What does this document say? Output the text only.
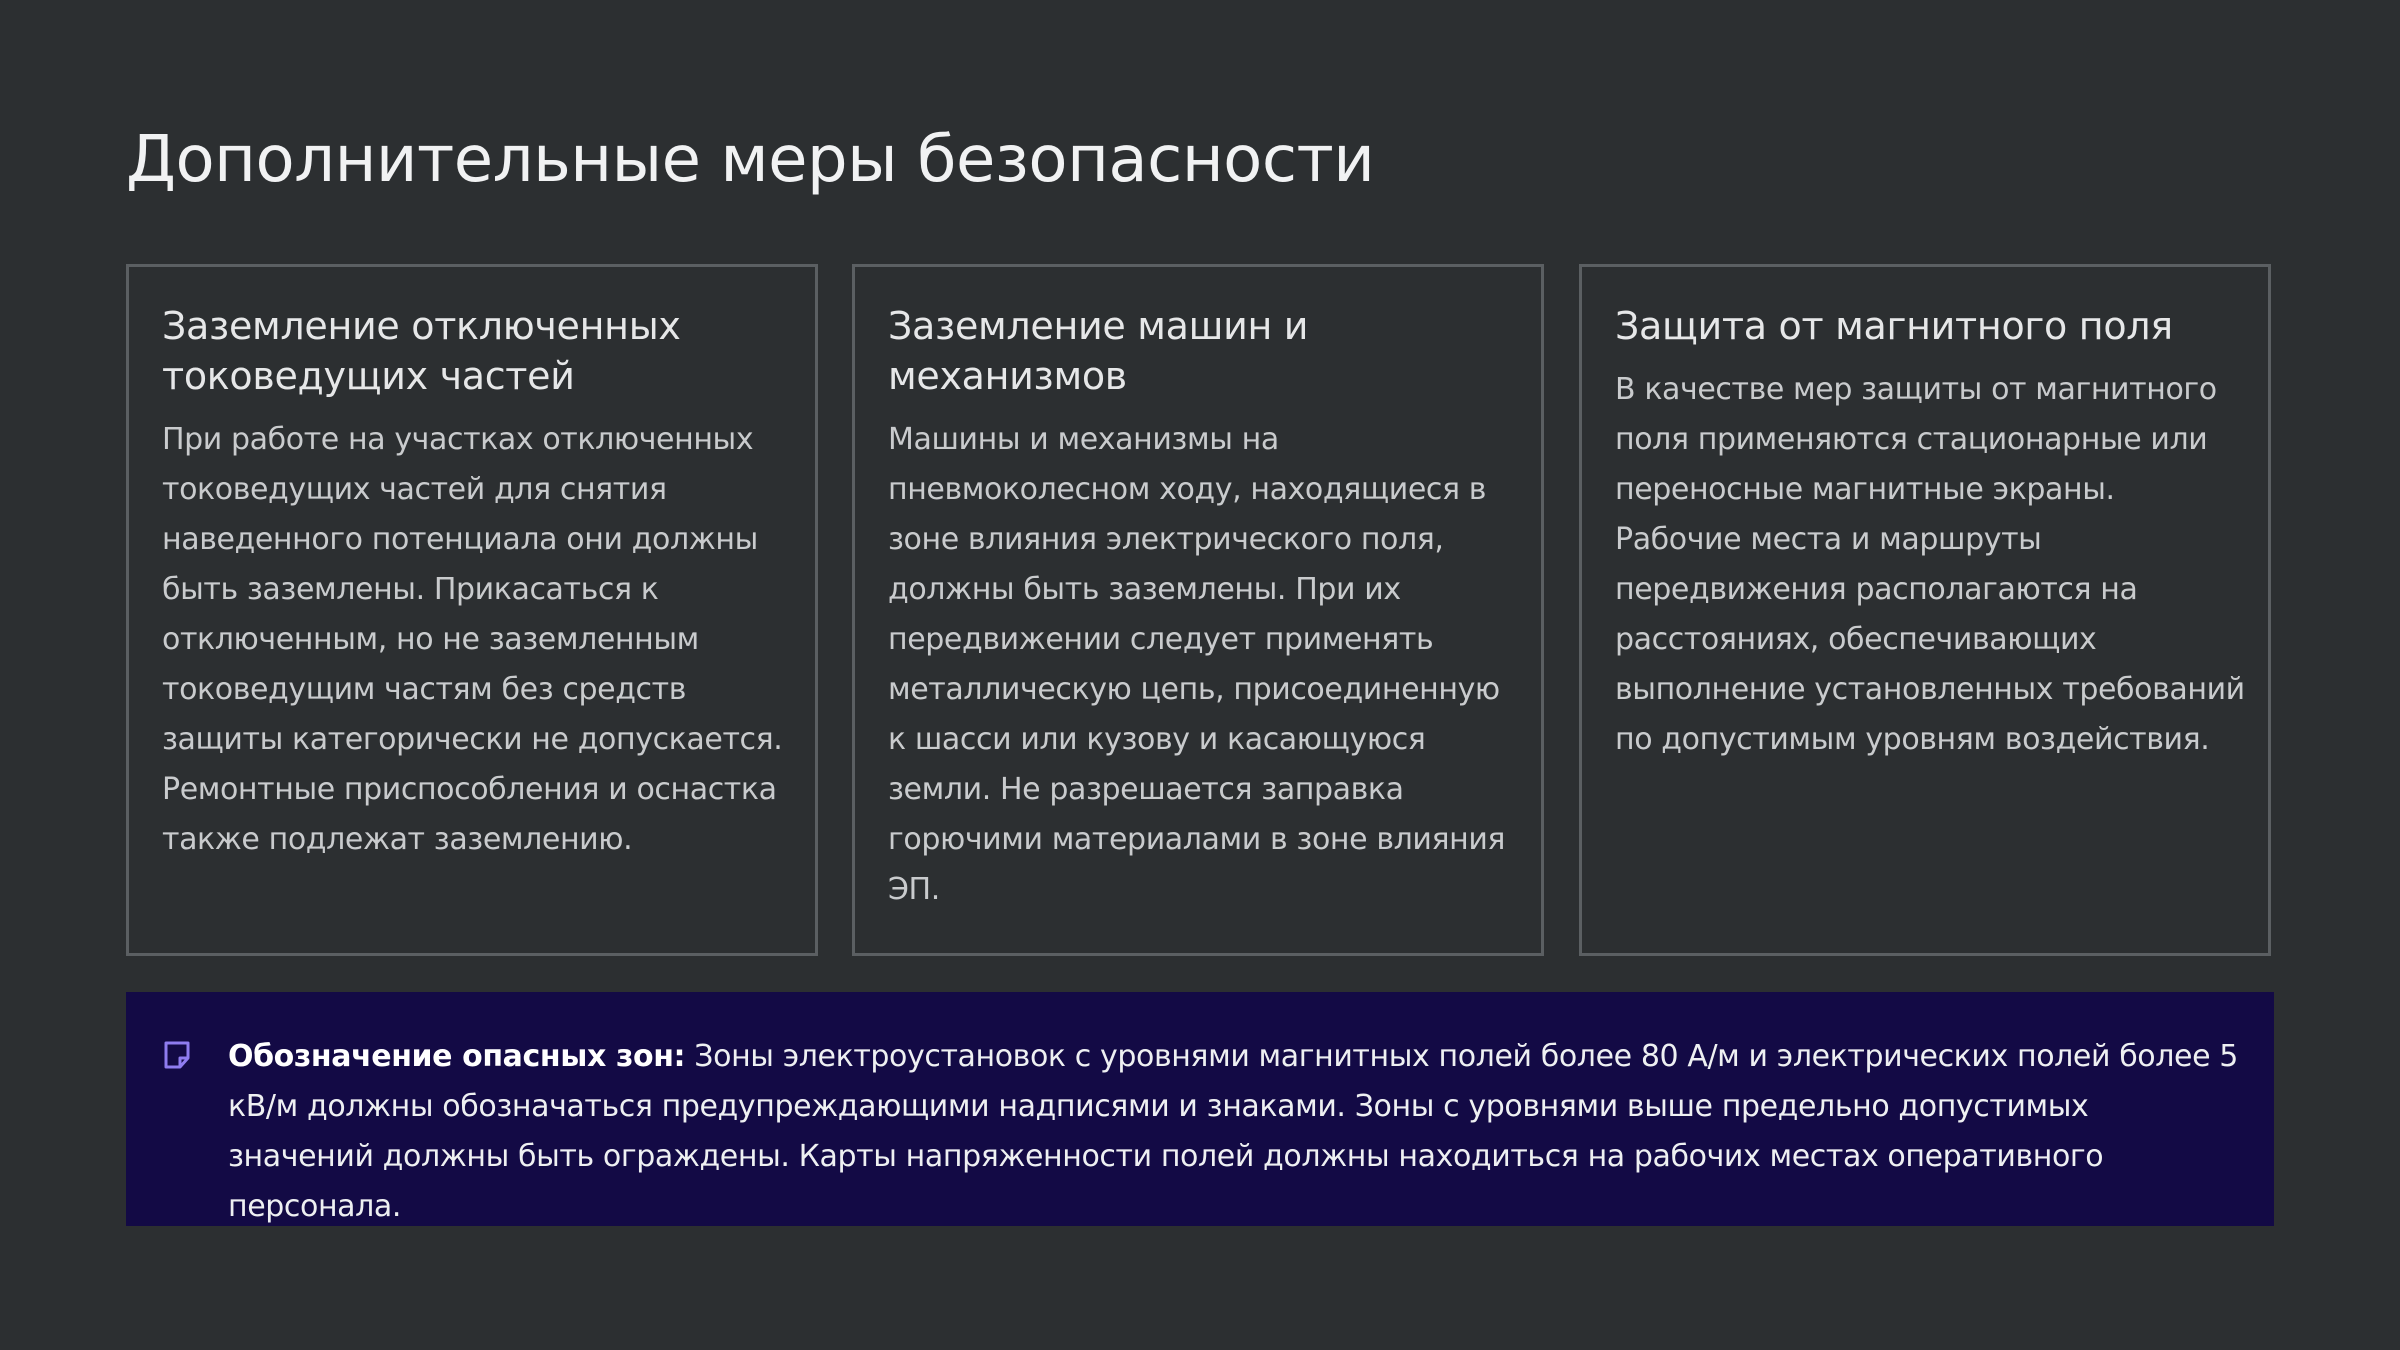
Дополнительные меры безопасности
Заземление отключенных токоведущих частей

При работе на участках отключенных токоведущих частей для снятия наведенного потенциала они должны быть заземлены. Прикасаться к отключенным, но не заземленным токоведущим частям без средств защиты категорически не допускается. Ремонтные приспособления и оснастка также подлежат заземлению.

Заземление машин и механизмов

Машины и механизмы на пневмоколесном ходу, находящиеся в зоне влияния электрического поля, должны быть заземлены. При их передвижении следует применять металлическую цепь, присоединенную к шасси или кузову и касающуюся земли. Не разрешается заправка горючими материалами в зоне влияния ЭП.

Защита от магнитного поля

В качестве мер защиты от магнитного поля применяются стационарные или переносные магнитные экраны. Рабочие места и маршруты передвижения располагаются на расстояниях, обеспечивающих выполнение установленных требований по допустимым уровням воздействия.

Обозначение опасных зон: Зоны электроустановок с уровнями магнитных полей более 80 А/м и электрических полей более 5 кВ/м должны обозначаться предупреждающими надписями и знаками. Зоны с уровнями выше предельно допустимых значений должны быть ограждены. Карты напряженности полей должны находиться на рабочих местах оперативного персонала.
